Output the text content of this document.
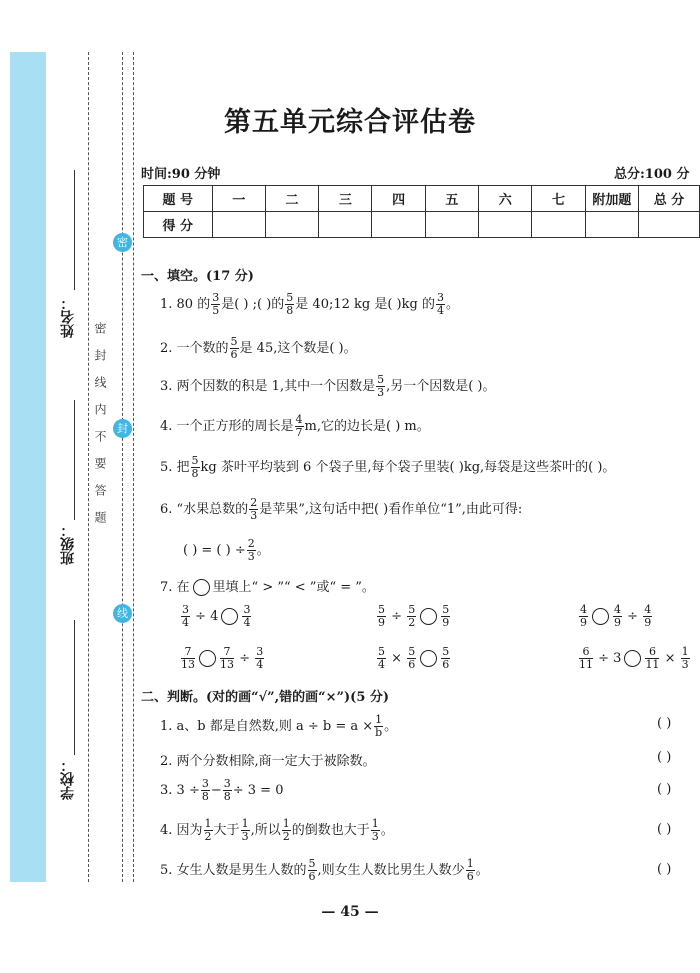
密
封
线
姓名：
班级：
学校：
密封线内不要答题
第五单元综合评估卷
时间:90 分钟	总分:100 分
题 号	一	二	三	四	五	六	七	附加题	总 分
得 分									
一、填空。(17 分)
1. 80 的 $\frac{3}{5}$ 是( ) ;( )的 $\frac{5}{8}$ 是 40;12 kg 是( )kg 的 $\frac{3}{4}$ 。
2. 一个数的 $\frac{5}{6}$ 是 45,这个数是( )。
3. 两个因数的积是 1,其中一个因数是 $\frac{5}{3}$ ,另一个因数是( )。
4. 一个正方形的周长是 $\frac{4}{7} m$,它的边长是( ) m。
5. 把 $\frac{5}{8}$ kg 茶叶平均装到 6 个袋子里,每个袋子里装( )kg,每袋是这些茶叶的( )。
6. “水果总数的 $\frac{2}{3}$ 是苹果”,这句话中把( )看作单位“1”,由此可得:
( ) = ( ) ÷ $\frac{2}{3}$ 。
7. 在 里填上“ > ”“ < ”或“ = ”。
$\frac{3}{4} \div 4 \frac{3}{4}$	$\frac{5}{9} \div \frac{5}{2} \frac{5}{9}$	$\frac{4}{9} \frac{4}{9} \div \frac{4}{9}$
$\frac{7}{13} \frac{7}{13} \div \frac{3}{4}$	$\frac{5}{4} \times \frac{5}{6} \frac{5}{6}$	$\frac{6}{11} \div 3 \frac{6}{11} \times \frac{1}{3}$
二、判断。(对的画“√”,错的画“×”)(5 分)
1. a、b 都是自然数,则 $a \div b = a \times \frac{1}{b}$ 。	( )
2. 两个分数相除,商一定大于被除数。	( )
3. $3 \div \frac{3}{8} - \frac{3}{8} \div 3 = 0$	( )
4. 因为 $\frac{1}{2}$ 大于 $\frac{1}{3}$ ,所以 $\frac{1}{2}$ 的倒数也大于 $\frac{1}{3}$ 。	( )
5. 女生人数是男生人数的 $\frac{5}{6}$ ,则女生人数比男生人数少 $\frac{1}{6}$ 。	( )
— 45 —
